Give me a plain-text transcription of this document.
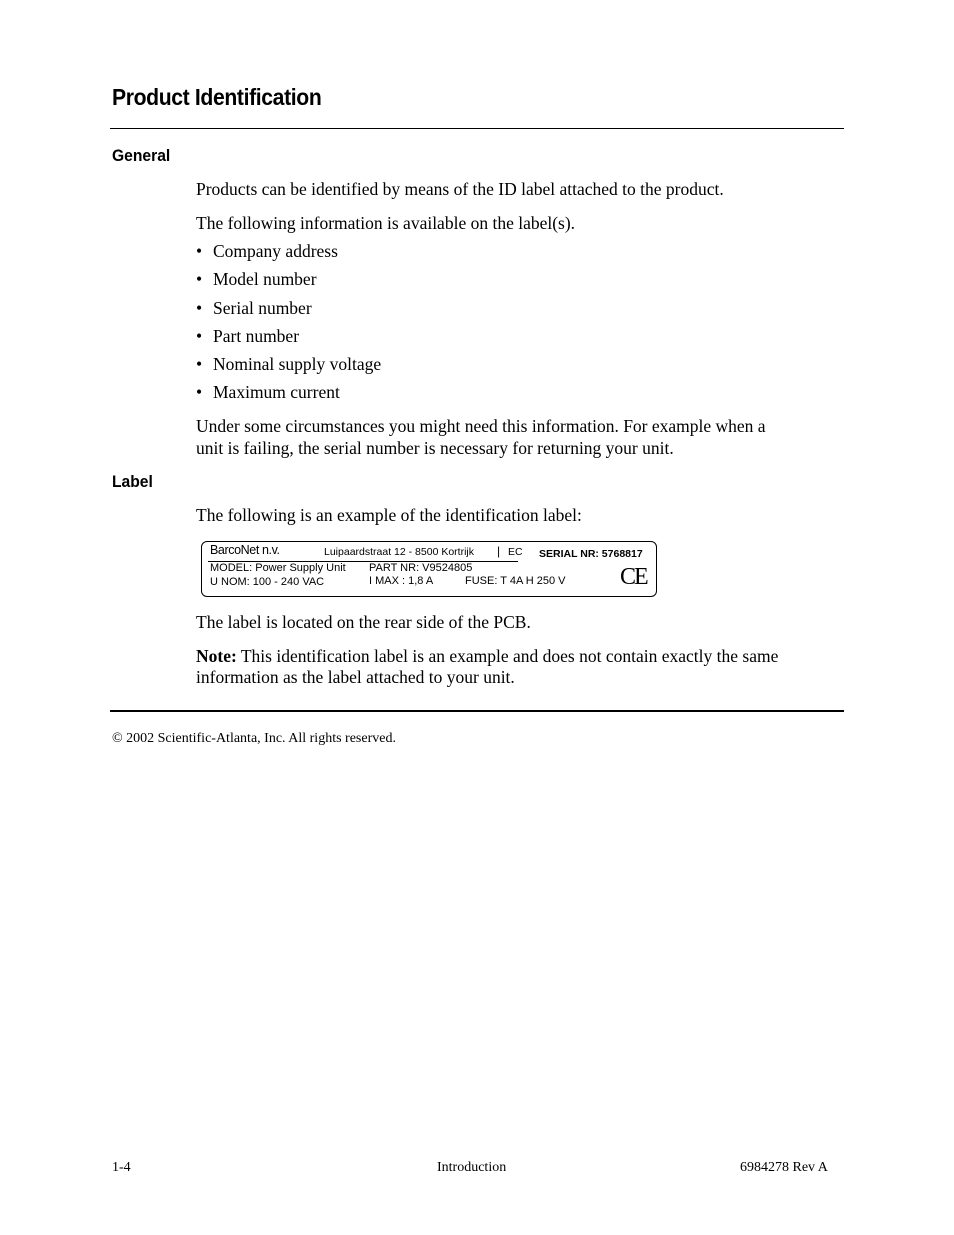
Product Identification
General
Products can be identified by means of the ID label attached to the product.
The following information is available on the label(s).
• Company address
• Model number
• Serial number
• Part number
• Nominal supply voltage
• Maximum current
Under some circumstances you might need this information. For example when a
unit is failing, the serial number is necessary for returning your unit.
Label
The following is an example of the identification label:
BarcoNet n.v.	Luipaardstraat 12 - 8500 Kortrijk | EC SERIAL NR: 5768817
MODEL: Power Supply Unit PART NR: V9524805
U NOM: 100 - 240 VAC	I MAX : 1,8 A	FUSE: T 4A H 250 V CE
The label is located on the rear side of the PCB.
Note: This identification label is an example and does not contain exactly the same
information as the label attached to your unit.
© 2002 Scientific-Atlanta, Inc. All rights reserved.
1-4	Introduction	6984278 Rev A
